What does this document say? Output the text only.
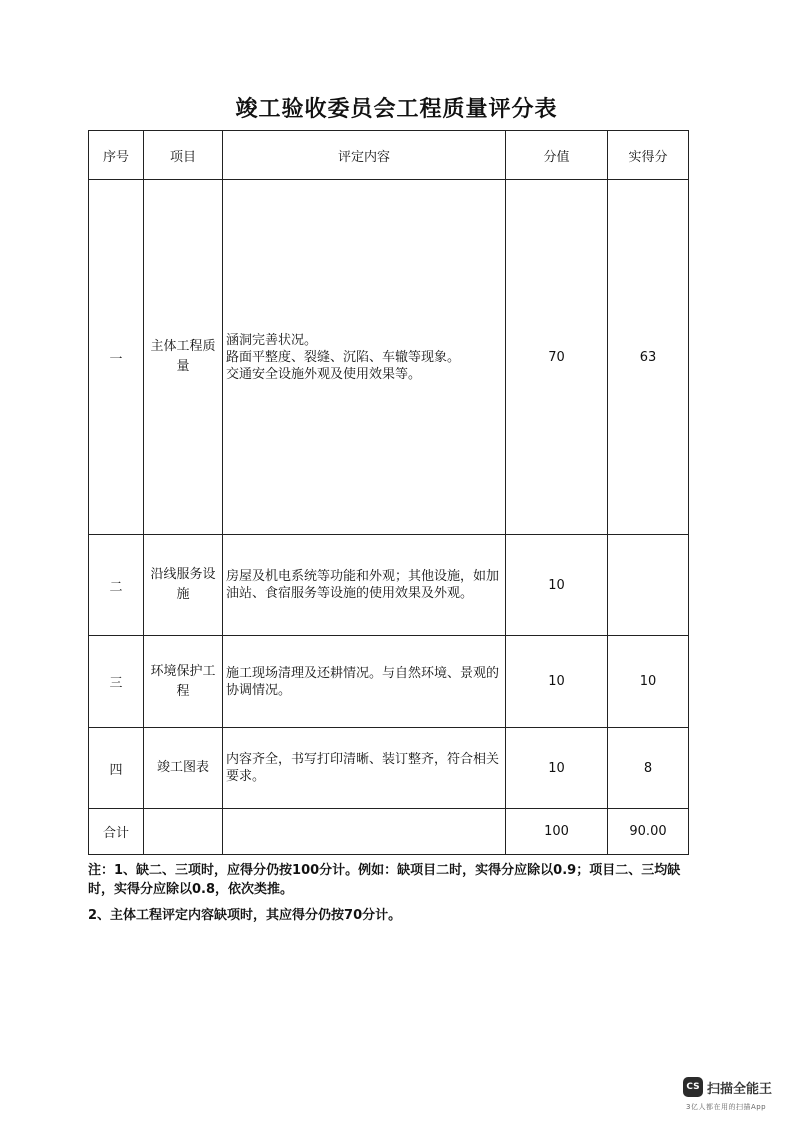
竣工验收委员会工程质量评分表
序号	项目	评定内容	分值	实得分
一	主体工程质量	涵洞完善状况。
路面平整度、裂缝、沉陷、车辙等现象。
交通安全设施外观及使用效果等。	70	63
二	沿线服务设施	房屋及机电系统等功能和外观；其他设施，如加油站、食宿服务等设施的使用效果及外观。	10	
三	环境保护工程	施工现场清理及还耕情况。与自然环境、景观的协调情况。	10	10
四	竣工图表	内容齐全，书写打印清晰、装订整齐，符合相关要求。	10	8
合计			100	90.00
注：1、缺二、三项时，应得分仍按100分计。例如：缺项目二时，实得分应除以0.9；项目二、三均缺时，实得分应除以0.8，依次类推。
2、主体工程评定内容缺项时，其应得分仍按70分计。
CS 扫描全能王
3亿人都在用的扫描App
